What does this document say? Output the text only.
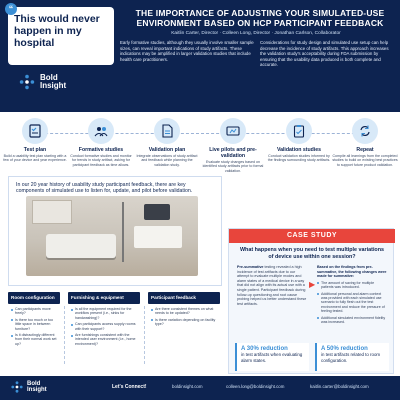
“
This would never happen in my hospital
Bold
Insight
THE IMPORTANCE OF ADJUSTING YOUR SIMULATED-USE ENVIRONMENT BASED ON HCP PARTICIPANT FEEDBACK
Kaitlin Carter, Director · Colleen Long, Director · Jonathan Carlson, Collaborator
Early formative studies, although they usually involve smaller sample sizes, can reveal important indications of study artifacts. These indications may be amplified in larger validation studies that include health care practitioners.
Considerations for study design and simulated use setup can help decrease the incidence of study artifacts. This approach increases the validation study's acceptability during FDA submission by ensuring that the usability data produced is both complete and accurate.
Test plan
Build a usability test plan starting with a few of your device and year experience.
Formative studies
Conduct formative studies and monitor for trends in study artifact, asking for participant feedback as time allows.
Validation plan
Integrate observations of study artifact and feedback while planning the validation study.
Live pilots and pre-validation
Evaluate study changes based on identified study artifacts prior to formal validation.
Validation studies
Conduct validation studies informed by the findings surrounding study artifacts.
Repeat
Compile all learnings from the completed studies to build on existing best practices to support future product validation.
In our 20 year history of usability study participant feedback, there are key components of simulated use to listen for, update, and pilot before validation.
Room configuration
Can participants move freely?
Is there too much or too little space in between furniture?
Is it distractingly different from their normal work set up?
Furnishing & equipment
Is all the equipment required for the workflow present (i.e., sinks for handwashing)?
Can participants access supply rooms with their support?
Are furnishings consistent with the intended user environment (i.e., home environment)?
Participant feedback
Are there consistent themes on what needs to be updated?
Is there variation depending on facility type?
CASE STUDY
What happens when you need to test multiple variations of device use within one session?
Pre-summative testing revealed a high incidence of test artifacts due to our attempt to evaluate multiple modes and alarm states of a medical device in a way that did not align with its actual use with a single patient. Participant feedback during follow-up questioning and root cause probing helped us better understand these test artifacts.
▶
Based on the findings from pre-summative, the following changes were made for summative:
The amount of saving for multiple patients was introduced.
Additional personal and alarm context was provided with each simulated use scenario to fully flesh out the test environment and reduce the pressure of feeling tested.
Additional simulated environment fidelity was increased.
A 30% reduction
in test artifacts when evaluating alarm states.
A 50% reduction
in test artifacts related to room configuration.
Bold
Insight	Let's Connect!	boldinsight.com	colleen.long@boldinsight.com	kaitlin.carter@boldinsight.com
